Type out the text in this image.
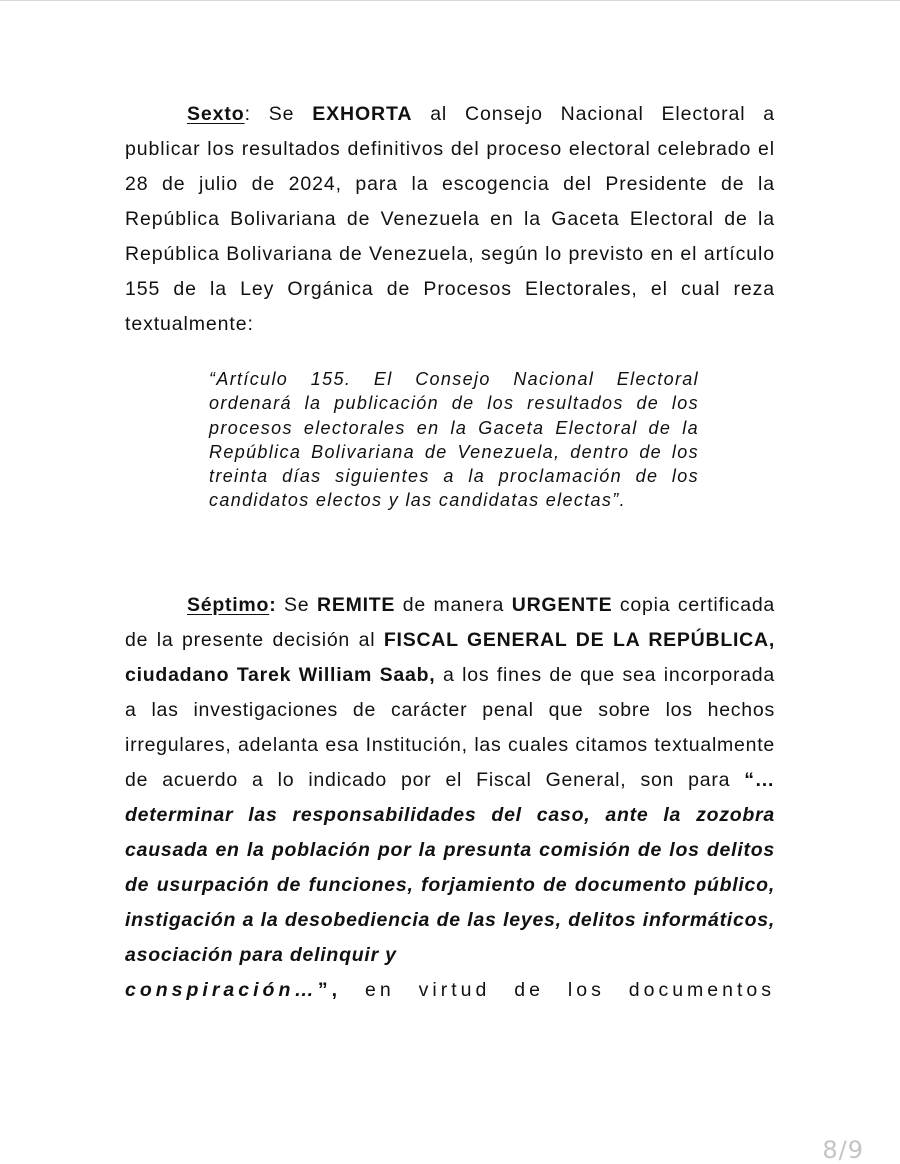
Sexto: Se EXHORTA al Consejo Nacional Electoral a publicar los resultados definitivos del proceso electoral celebrado el 28 de julio de 2024, para la escogencia del Presidente de la República Bolivariana de Venezuela en la Gaceta Electoral de la República Bolivariana de Venezuela, según lo previsto en el artículo 155 de la Ley Orgánica de Procesos Electorales, el cual reza textualmente:

“Artículo 155. El Consejo Nacional Electoral ordenará la publicación de los resultados de los procesos electorales en la Gaceta Electoral de la República Bolivariana de Venezuela, dentro de los treinta días siguientes a la proclamación de los candidatos electos y las candidatas electas”.

Séptimo: Se REMITE de manera URGENTE copia certificada de la presente decisión al FISCAL GENERAL DE LA REPÚBLICA, ciudadano Tarek William Saab, a los fines de que sea incorporada a las investigaciones de carácter penal que sobre los hechos irregulares, adelanta esa Institución, las cuales citamos textualmente de acuerdo a lo indicado por el Fiscal General, son para “…determinar las responsabilidades del caso, ante la zozobra causada en la población por la presunta comisión de los delitos de usurpación de funciones, forjamiento de documento público, instigación a la desobediencia de las leyes, delitos informáticos, asociación para delinquir y
conspiración…”, en virtud de los documentos

8/9
